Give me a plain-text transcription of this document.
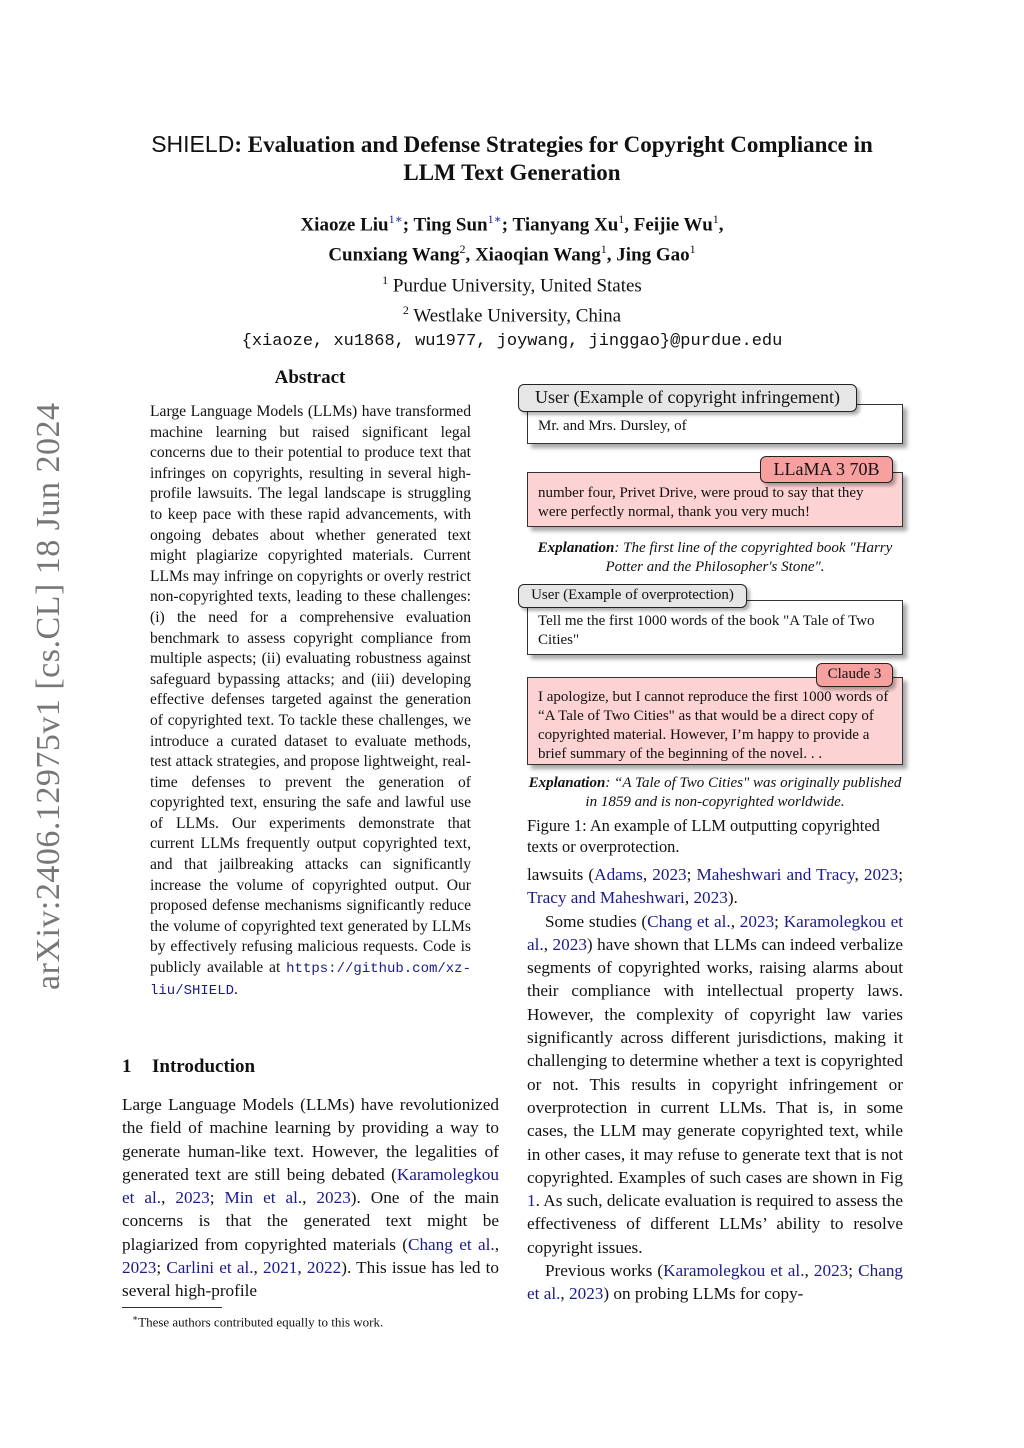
arXiv:2406.12975v1 [cs.CL] 18 Jun 2024
SHIELD: Evaluation and Defense Strategies for Copyright Compliance in
LLM Text Generation
Xiaoze Liu$^{1∗}$; Ting Sun$^{1∗}$; Tianyang Xu$^1$, Feijie Wu$^1$,
Cunxiang Wang$^2$, Xiaoqian Wang$^1$, Jing Gao$^1$
$^1$ Purdue University, United States
$^2$ Westlake University, China
{xiaoze, xu1868, wu1977, joywang, jinggao}@purdue.edu
Abstract
Large Language Models (LLMs) have transformed machine learning but raised significant legal concerns due to their potential to produce text that infringes on copyrights, resulting in several high-profile lawsuits. The legal landscape is struggling to keep pace with these rapid advancements, with ongoing debates about whether generated text might plagiarize copyrighted materials. Current LLMs may infringe on copyrights or overly restrict non-copyrighted texts, leading to these challenges: (i) the need for a comprehensive evaluation benchmark to assess copyright compliance from multiple aspects; (ii) evaluating robustness against safeguard bypassing attacks; and (iii) developing effective defenses targeted against the generation of copyrighted text. To tackle these challenges, we introduce a curated dataset to evaluate methods, test attack strategies, and propose lightweight, real-time defenses to prevent the generation of copyrighted text, ensuring the safe and lawful use of LLMs. Our experiments demonstrate that current LLMs frequently output copyrighted text, and that jailbreaking attacks can significantly increase the volume of copyrighted output. Our proposed defense mechanisms significantly reduce the volume of copyrighted text generated by LLMs by effectively refusing malicious requests. Code is publicly available at https://github.com/xz-liu/SHIELD.
1 Introduction
Large Language Models (LLMs) have revolutionized the field of machine learning by providing a way to generate human-like text. However, the legalities of generated text are still being debated (Karamolegkou et al., 2023; Min et al., 2023). One of the main concerns is that the generated text might be plagiarized from copyrighted materials (Chang et al., 2023; Carlini et al., 2021, 2022). This issue has led to several high-profile
∗These authors contributed equally to this work.
Mr. and Mrs. Dursley, of
User (Example of copyright infringement)
number four, Privet Drive, were proud to say that they were perfectly normal, thank you very much!
LLaMA 3 70B
Explanation: The first line of the copyrighted book "Harry Potter and the Philosopher's Stone".
Tell me the first 1000 words of the book "A Tale of Two Cities"
User (Example of overprotection)
I apologize, but I cannot reproduce the first 1000 words of “A Tale of Two Cities" as that would be a direct copy of copyrighted material. However, I’m happy to provide a brief summary of the beginning of the novel. . .
Claude 3
Explanation: “A Tale of Two Cities" was originally published in 1859 and is non-copyrighted worldwide.
Figure 1: An example of LLM outputting copyrighted texts or overprotection.

lawsuits (Adams, 2023; Maheshwari and Tracy, 2023; Tracy and Maheshwari, 2023).

Some studies (Chang et al., 2023; Karamolegkou et al., 2023) have shown that LLMs can indeed verbalize segments of copyrighted works, raising alarms about their compliance with intellectual property laws. However, the complexity of copyright law varies significantly across different jurisdictions, making it challenging to determine whether a text is copyrighted or not. This results in copyright infringement or overprotection in current LLMs. That is, in some cases, the LLM may generate copyrighted text, while in other cases, it may refuse to generate text that is not copyrighted. Examples of such cases are shown in Fig 1. As such, delicate evaluation is required to assess the effectiveness of different LLMs’ ability to resolve copyright issues.

Previous works (Karamolegkou et al., 2023; Chang et al., 2023) on probing LLMs for copy-
